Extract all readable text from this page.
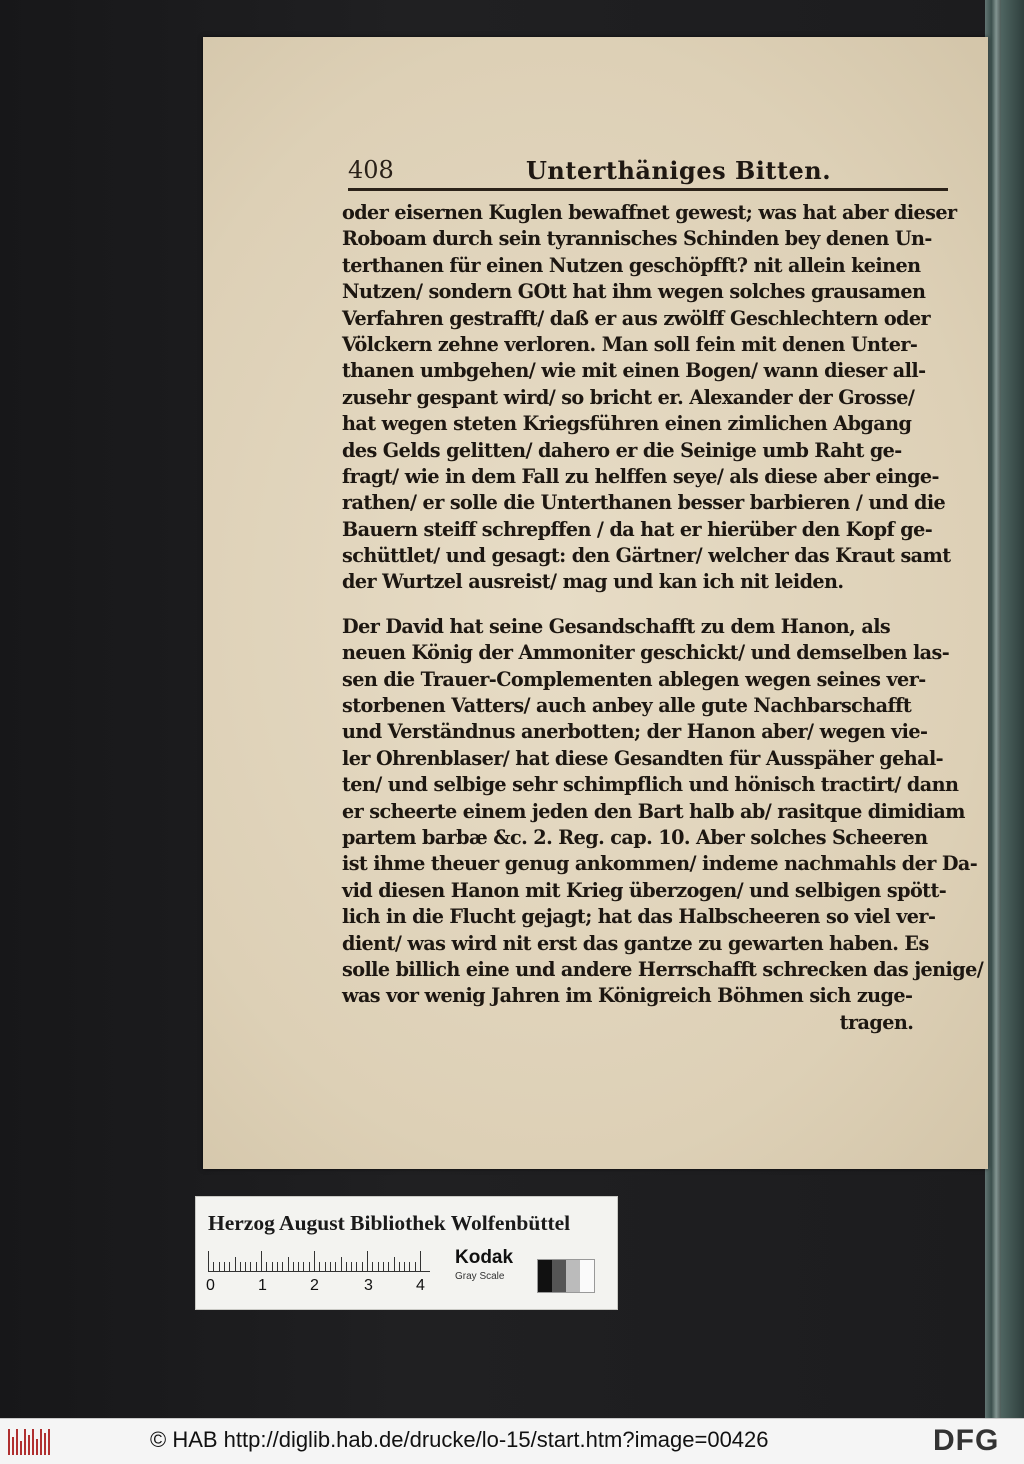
408	Unterthäniges Bitten.
oder eisernen Kuglen bewaffnet gewest; was hat aber dieser
Roboam durch sein tyrannisches Schinden bey denen Un-
terthanen für einen Nutzen geschöpfft? nit allein keinen
Nutzen/ sondern GOtt hat ihm wegen solches grausamen
Verfahren gestrafft/ daß er aus zwölff Geschlechtern oder
Völckern zehne verloren. Man soll fein mit denen Unter-
thanen umbgehen/ wie mit einen Bogen/ wann dieser all-
zusehr gespant wird/ so bricht er. Alexander der Grosse/
hat wegen steten Kriegsführen einen zimlichen Abgang
des Gelds gelitten/ dahero er die Seinige umb Raht ge-
fragt/ wie in dem Fall zu helffen seye/ als diese aber einge-
rathen/ er solle die Unterthanen besser barbieren / und die
Bauern steiff schrepffen / da hat er hierüber den Kopf ge-
schüttlet/ und gesagt: den Gärtner/ welcher das Kraut samt
der Wurtzel ausreist/ mag und kan ich nit leiden.
Der David hat seine Gesandschafft zu dem Hanon, als
neuen König der Ammoniter geschickt/ und demselben las-
sen die Trauer-Complementen ablegen wegen seines ver-
storbenen Vatters/ auch anbey alle gute Nachbarschafft
und Verständnus anerbotten; der Hanon aber/ wegen vie-
ler Ohrenblaser/ hat diese Gesandten für Ausspäher gehal-
ten/ und selbige sehr schimpflich und hönisch tractirt/ dann
er scheerte einem jeden den Bart halb ab/ rasitque dimidiam
partem barbæ &c. 2. Reg. cap. 10. Aber solches Scheeren
ist ihme theuer genug ankommen/ indeme nachmahls der Da-
vid diesen Hanon mit Krieg überzogen/ und selbigen spött-
lich in die Flucht gejagt; hat das Halbscheeren so viel ver-
dient/ was wird nit erst das gantze zu gewarten haben. Es
solle billich eine und andere Herrschafft schrecken das jenige/
was vor wenig Jahren im Königreich Böhmen sich zuge-
tragen.
Herzog August Bibliothek Wolfenbüttel
0	1	2	3	4
Kodak
Gray Scale
© HAB http://diglib.hab.de/drucke/lo-15/start.htm?image=00426	DFG
